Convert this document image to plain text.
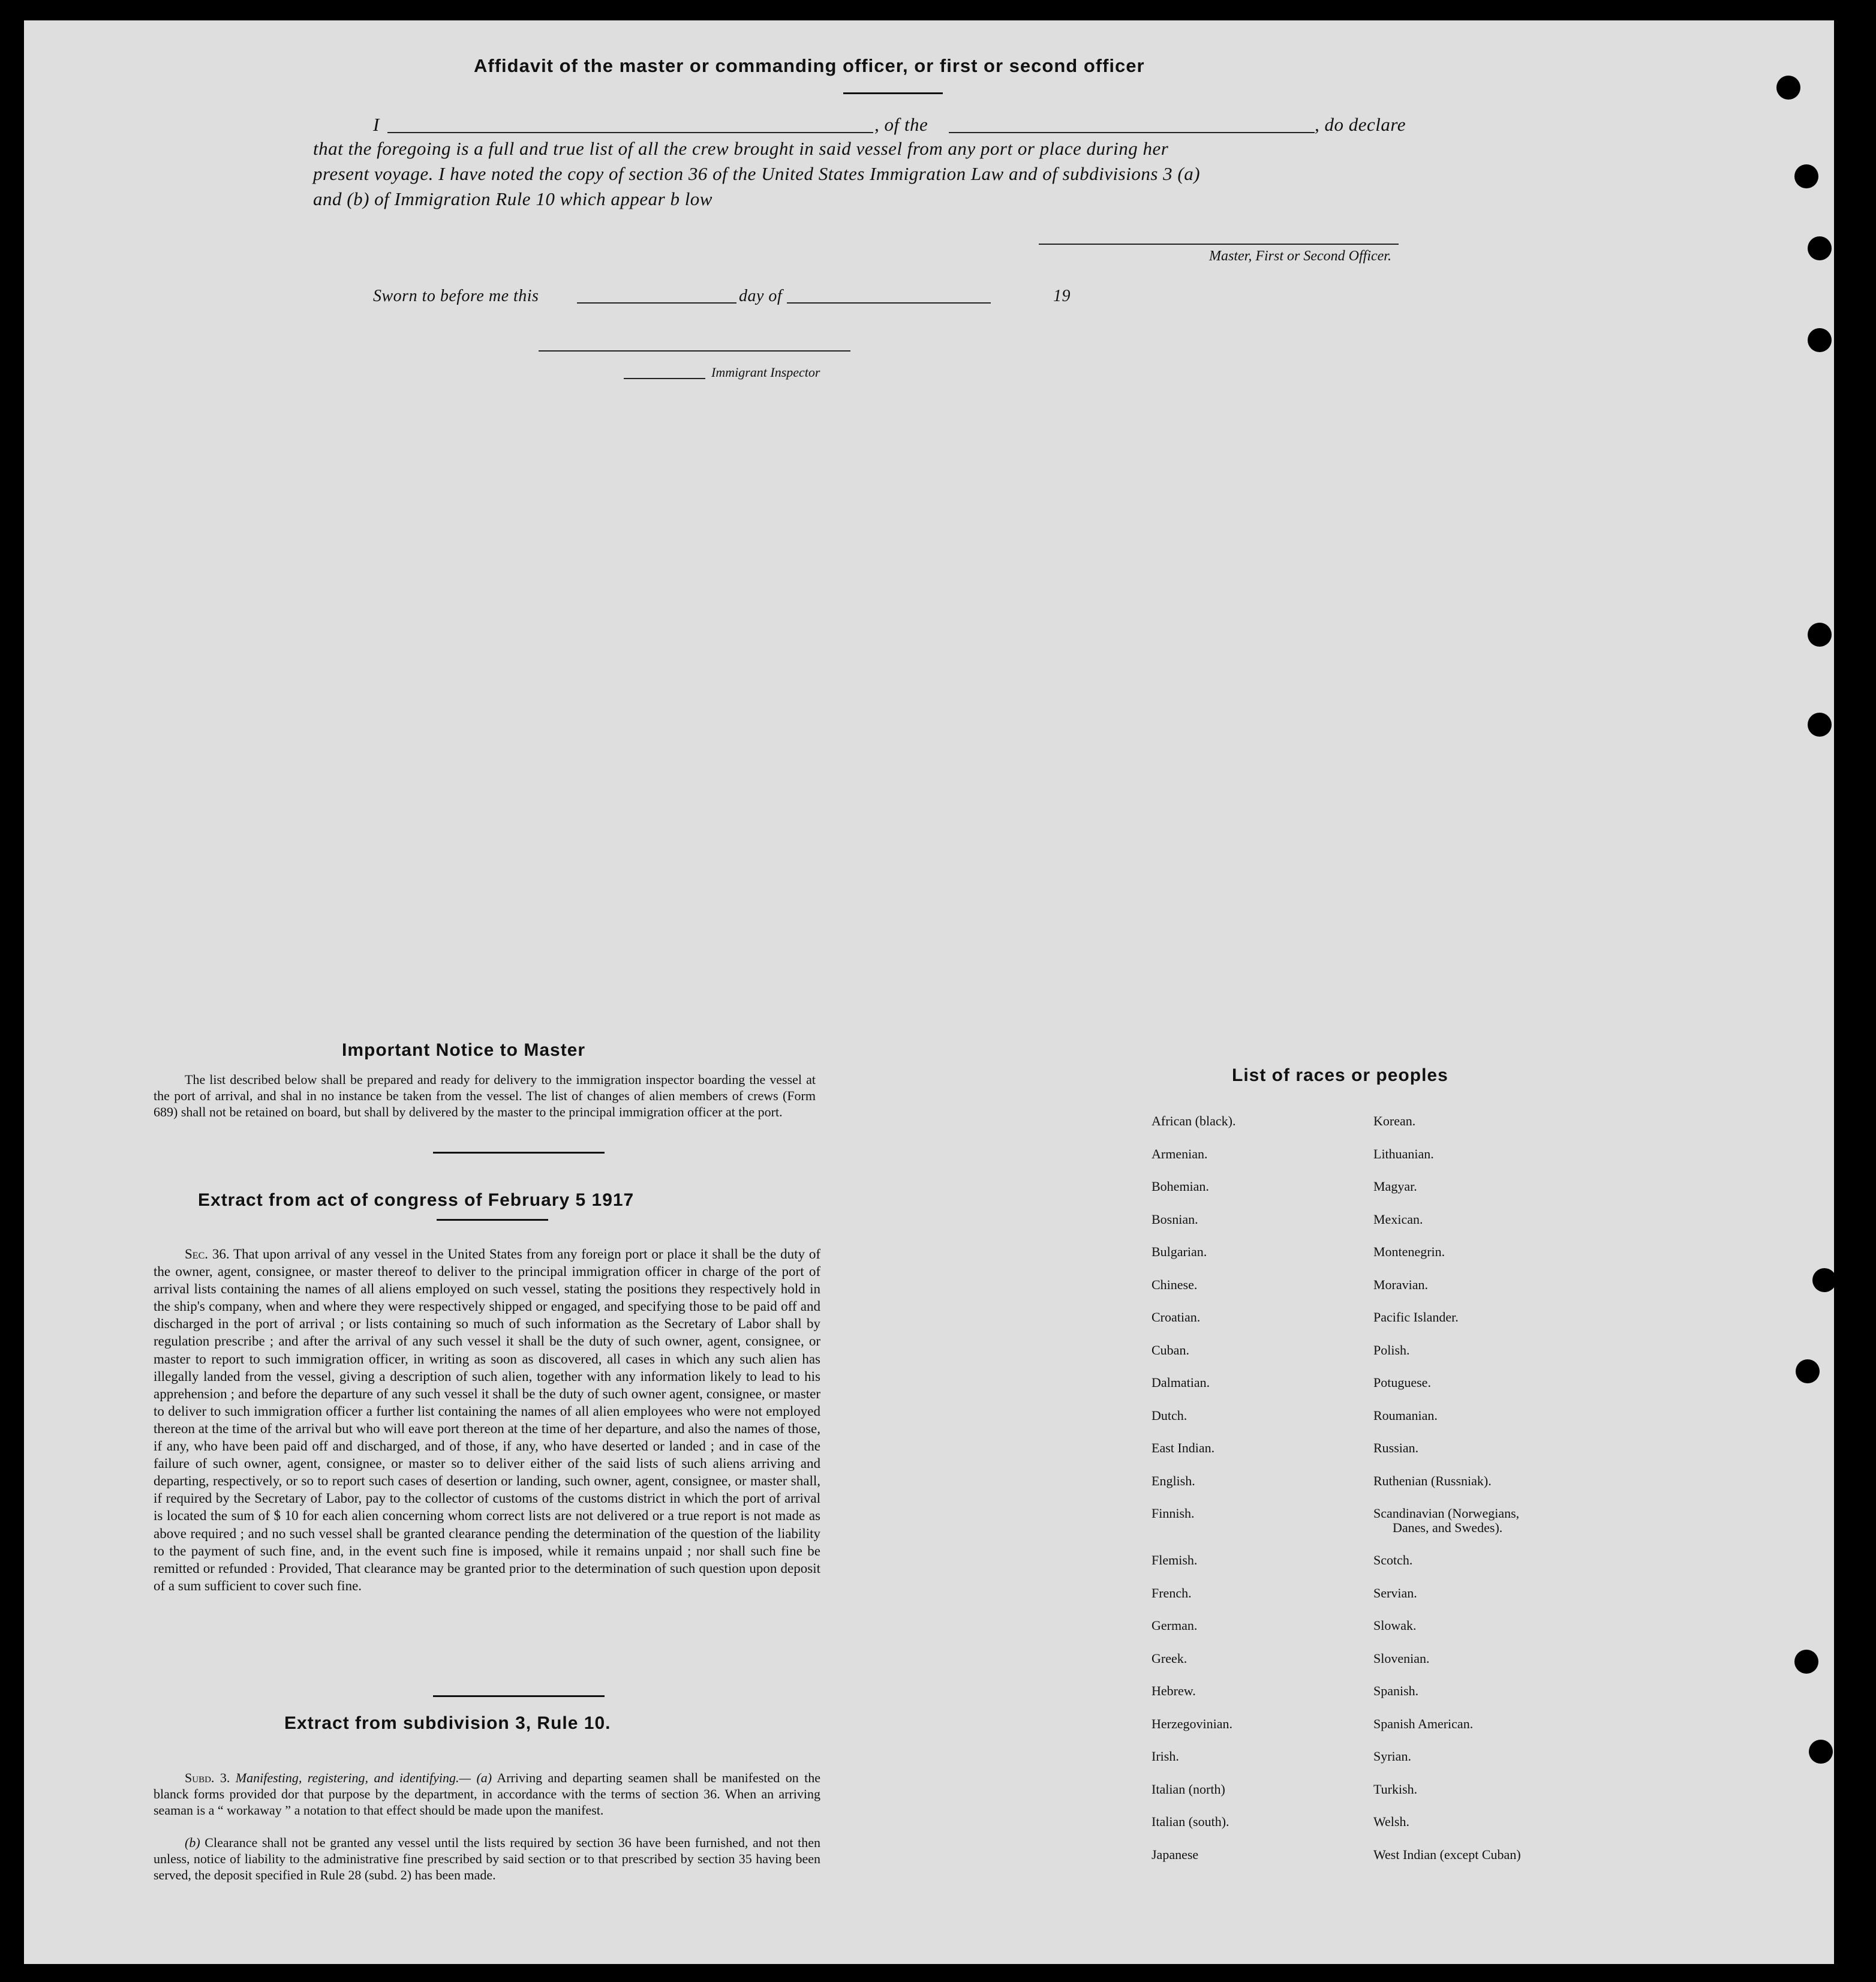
Affidavit of the master or commanding officer, or first or second officer
I	, of the	, do declare
that the foregoing is a full and true list of all the crew brought in said vessel from any port or place during her
present voyage. I have noted the copy of section 36 of the United States Immigration Law and of subdivisions 3 (a)
and (b) of Immigration Rule 10 which appear b low
Master, First or Second Officer.
Sworn to before me this	day of	19
Immigrant Inspector
Important Notice to Master
The list described below shall be prepared and ready for delivery to the immigration inspector boarding the vessel at the port of arrival, and shal in no instance be taken from the vessel. The list of changes of alien members of crews (Form 689) shall not be retained on board, but shall by delivered by the master to the principal immigration officer at the port.
Extract from act of congress of February 5 1917
Sec. 36. That upon arrival of any vessel in the United States from any foreign port or place it shall be the duty of the owner, agent, consignee, or master thereof to deliver to the principal immigration officer in charge of the port of arrival lists containing the names of all aliens employed on such vessel, stating the positions they respectively hold in the ship's company, when and where they were respectively shipped or engaged, and specifying those to be paid off and discharged in the port of arrival ; or lists containing so much of such information as the Secretary of Labor shall by regulation prescribe ; and after the arrival of any such vessel it shall be the duty of such owner, agent, consignee, or master to report to such immigration officer, in writing as soon as discovered, all cases in which any such alien has illegally landed from the vessel, giving a description of such alien, together with any information likely to lead to his apprehension ; and before the departure of any such vessel it shall be the duty of such owner agent, consignee, or master to deliver to such immigration officer a further list containing the names of all alien employees who were not employed thereon at the time of the arrival but who will eave port thereon at the time of her departure, and also the names of those, if any, who have been paid off and discharged, and of those, if any, who have deserted or landed ; and in case of the failure of such owner, agent, consignee, or master so to deliver either of the said lists of such aliens arriving and departing, respectively, or so to report such cases of desertion or landing, such owner, agent, consignee, or master shall, if required by the Secretary of Labor, pay to the collector of customs of the customs district in which the port of arrival is located the sum of $ 10 for each alien concerning whom correct lists are not delivered or a true report is not made as above required ; and no such vessel shall be granted clearance pending the determination of the question of the liability to the payment of such fine, and, in the event such fine is imposed, while it remains unpaid ; nor shall such fine be remitted or refunded : Provided, That clearance may be granted prior to the determination of such question upon deposit of a sum sufficient to cover such fine.
Extract from subdivision 3, Rule 10.
Subd. 3. Manifesting, registering, and identifying.— (a) Arriving and departing seamen shall be manifested on the blanck forms provided dor that purpose by the department, in accordance with the terms of section 36. When an arriving seaman is a “ workaway ” a notation to that effect should be made upon the manifest.
(b) Clearance shall not be granted any vessel until the lists required by section 36 have been furnished, and not then unless, notice of liability to the administrative fine prescribed by said section or to that prescribed by section 35 having been served, the deposit specified in Rule 28 (subd. 2) has been made.
List of races or peoples
African (black).	Korean.
Armenian.	Lithuanian.
Bohemian.	Magyar.
Bosnian.	Mexican.
Bulgarian.	Montenegrin.
Chinese.	Moravian.
Croatian.	Pacific Islander.
Cuban.	Polish.
Dalmatian.	Potuguese.
Dutch.	Roumanian.
East Indian.	Russian.
English.	Ruthenian (Russniak).
Finnish.	Scandinavian (Norwegians,
Danes, and Swedes).
Flemish.	Scotch.
French.	Servian.
German.	Slowak.
Greek.	Slovenian.
Hebrew.	Spanish.
Herzegovinian.	Spanish American.
Irish.	Syrian.
Italian (north)	Turkish.
Italian (south).	Welsh.
Japanese	West Indian (except Cuban)
